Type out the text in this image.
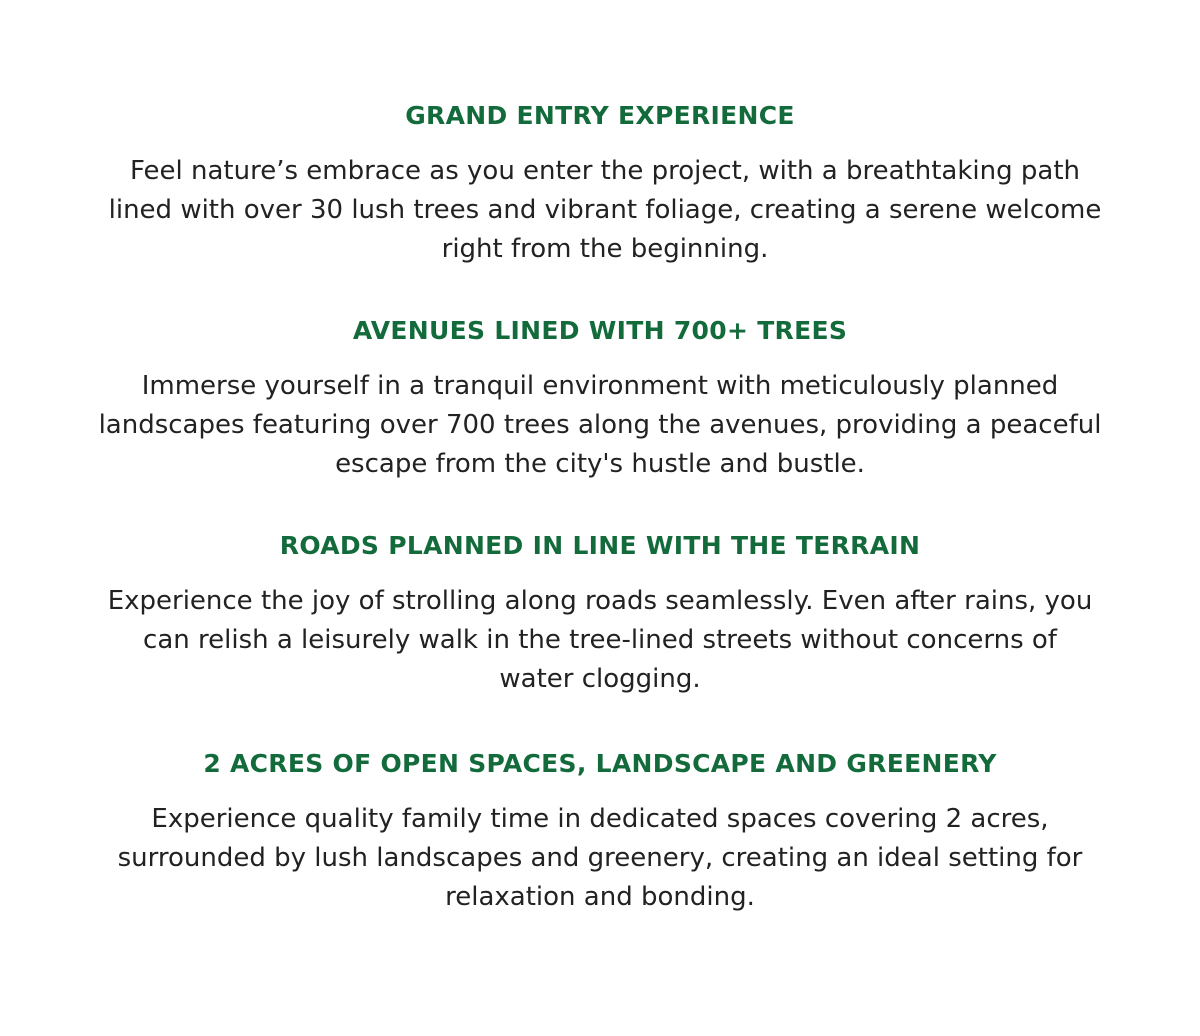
GRAND ENTRY EXPERIENCE

Feel nature’s embrace as you enter the project, with a breathtaking path lined with over 30 lush trees and vibrant foliage, creating a serene welcome right from the beginning.

AVENUES LINED WITH 700+ TREES

Immerse yourself in a tranquil environment with meticulously planned landscapes featuring over 700 trees along the avenues, providing a peaceful escape from the city's hustle and bustle.

ROADS PLANNED IN LINE WITH THE TERRAIN

Experience the joy of strolling along roads seamlessly. Even after rains, you can relish a leisurely walk in the tree-lined streets without concerns of water clogging.

2 ACRES OF OPEN SPACES, LANDSCAPE AND GREENERY

Experience quality family time in dedicated spaces covering 2 acres, surrounded by lush landscapes and greenery, creating an ideal setting for relaxation and bonding.
